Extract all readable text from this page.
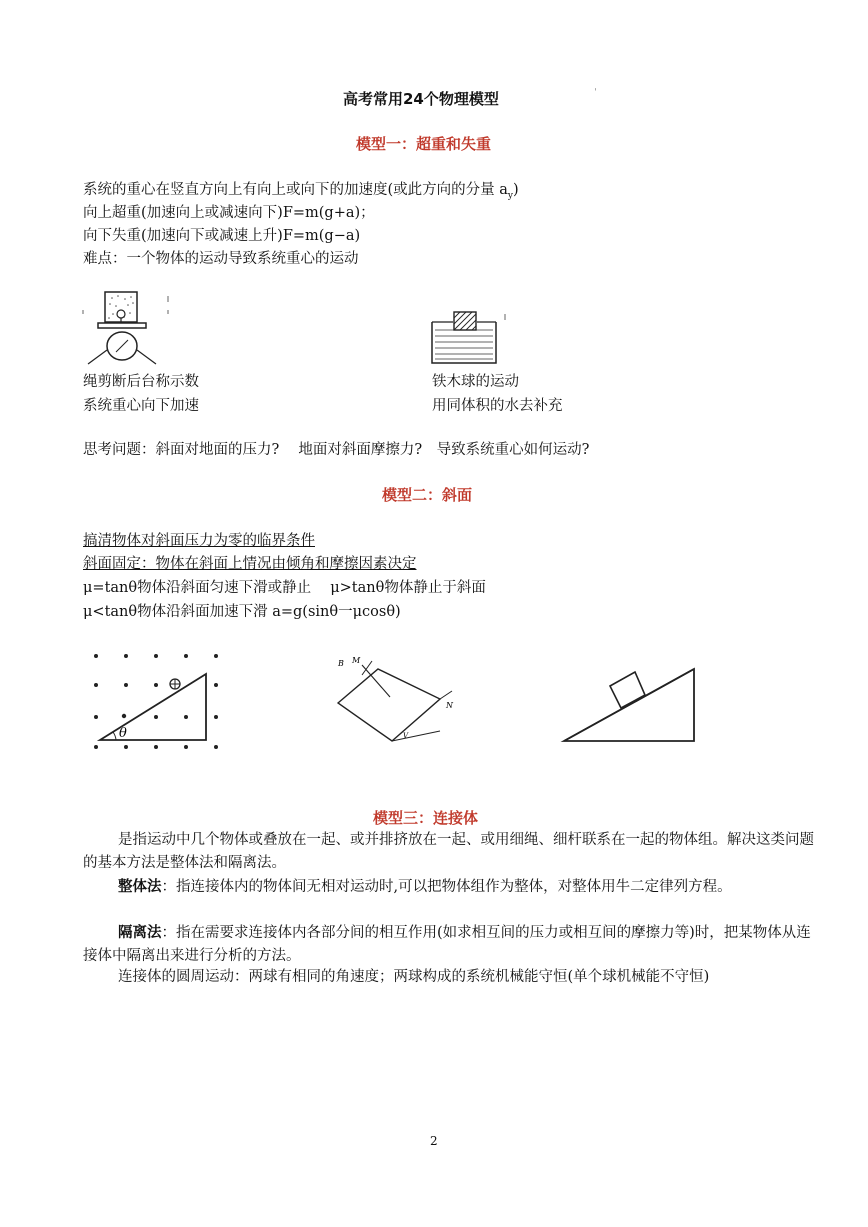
高考常用24个物理模型	ˈ
模型一：超重和失重
系统的重心在竖直方向上有向上或向下的加速度(或此方向的分量 $a_y$)
向上超重(加速向上或减速向下)F=m(g+a)；
向下失重(加速向下或减速上升)F=m(g−a)
难点：一个物体的运动导致系统重心的运动
绳剪断后台称示数
系统重心向下加速
铁木球的运动
用同体积的水去补充
思考问题：斜面对地面的压力?　 地面对斜面摩擦力?　导致系统重心如何运动?
模型二：斜面
搞清物体对斜面压力为零的临界条件
斜面固定：物体在斜面上情况由倾角和摩擦因素决定
μ=tanθ物体沿斜面匀速下滑或静止　 μ>tanθ物体静止于斜面
μ<tanθ物体沿斜面加速下滑 a=g(sinθ一μcosθ)
θ
B M
N
V
模型三：连接体
是指运动中几个物体或叠放在一起、或并排挤放在一起、或用细绳、细杆联系在一起的物体组。解决这类问题的基本方法是整体法和隔离法。
整体法：指连接体内的物体间无相对运动时,可以把物体组作为整体，对整体用牛二定律列方程。
隔离法：指在需要求连接体内各部分间的相互作用(如求相互间的压力或相互间的摩擦力等)时，把某物体从连接体中隔离出来进行分析的方法。
连接体的圆周运动：两球有相同的角速度；两球构成的系统机械能守恒(单个球机械能不守恒)
2
